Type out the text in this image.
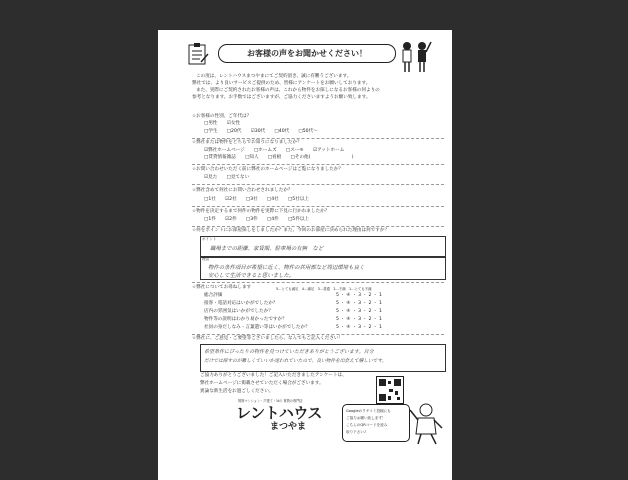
お客様の声をお聞かせください！
この度は、レントハウスまつやまにてご契約頂き、誠に有難うございます。
弊社では、より良いサービスご提供のため、皆様にアンケートをお願いしております。
また、実際にご契約されたお客様の声は、これから物件をお探しになるお客様の何よりの
参考となります。お手数ではございますが、ご協力くださいますようお願い致します。
☆お客様の性別、ご年代は？
□男性　　☑女性
□学生　　□20代　　☑30代　　□40代　　□50代～
☆弊社または物件をどちらでお知りになりましたか？
☑弊社ホームページ　　□ホームズ　　□スーモ　　☑アットホーム
□賃貸情報雑誌　　□知人　　□看板　　□その他(　　　　　　　　　)
☆お問い合わせいただく前に弊社のホームページはご覧になりましたか？
☑見た　　□見てない
☆弊社含めて何社にお問い合わせされましたか？
□1社　　☑2社　　□3社　　□4社　　□5社以上
☆物件を決定するまで何件の物件を実際に下見に行かれましたか？
□1件　　☑2件　　□3件　　□4件　　□5件以上
☆何をポイントにお部屋探しをしましたか？また、今回のお部屋に決められた理由は何ですか？
ポイント
職場までの距離、家賃額、駐車場の有無　など
理由
物件の条件項目が希望に近く、物件の共用部など周辺環境も良く
安心して生活できると思いました。
☆弊社についてお尋ねします	5…とても満足　4…満足　3…普通　2…不満　1…とても不満
総合評価	5 ・ ④ ・ 3 ・ 2 ・ 1
接客・電話対応はいかがでしたか？	5 ・ ④ ・ 3 ・ 2 ・ 1
店内の雰囲気はいかがでしたか？	5 ・ ④ ・ 3 ・ 2 ・ 1
物件等の説明はわかり易かったですか？	5 ・ ④ ・ 3 ・ 2 ・ 1
社員の身だしなみ・言葉遣い等はいかがでしたか？	5 ・ ④ ・ 3 ・ 2 ・ 1
☆弊社に、ご意見・ご要望等ございましたら、なんでもご記入ください！
希望条件にぴったりの物件を見つけていただきありがとうございます。自分
だけでは探すのが難しくていいか迷われていたので、良い物件を出会えて嬉しいです。
ご協力ありがとうございました！ご記入いただきましたアンケートは、
弊社ホームページに掲載させていただく場合がございます。
異論な新生活をお過ごしください。
賃貸マンション・戸建て・Ｍの 賃貸の専門店
レントハウス
まつやま
Googleのクチコミ投稿にも
ご協力お願い致します！
こちらのQRコードを読み
取り下さい♪
